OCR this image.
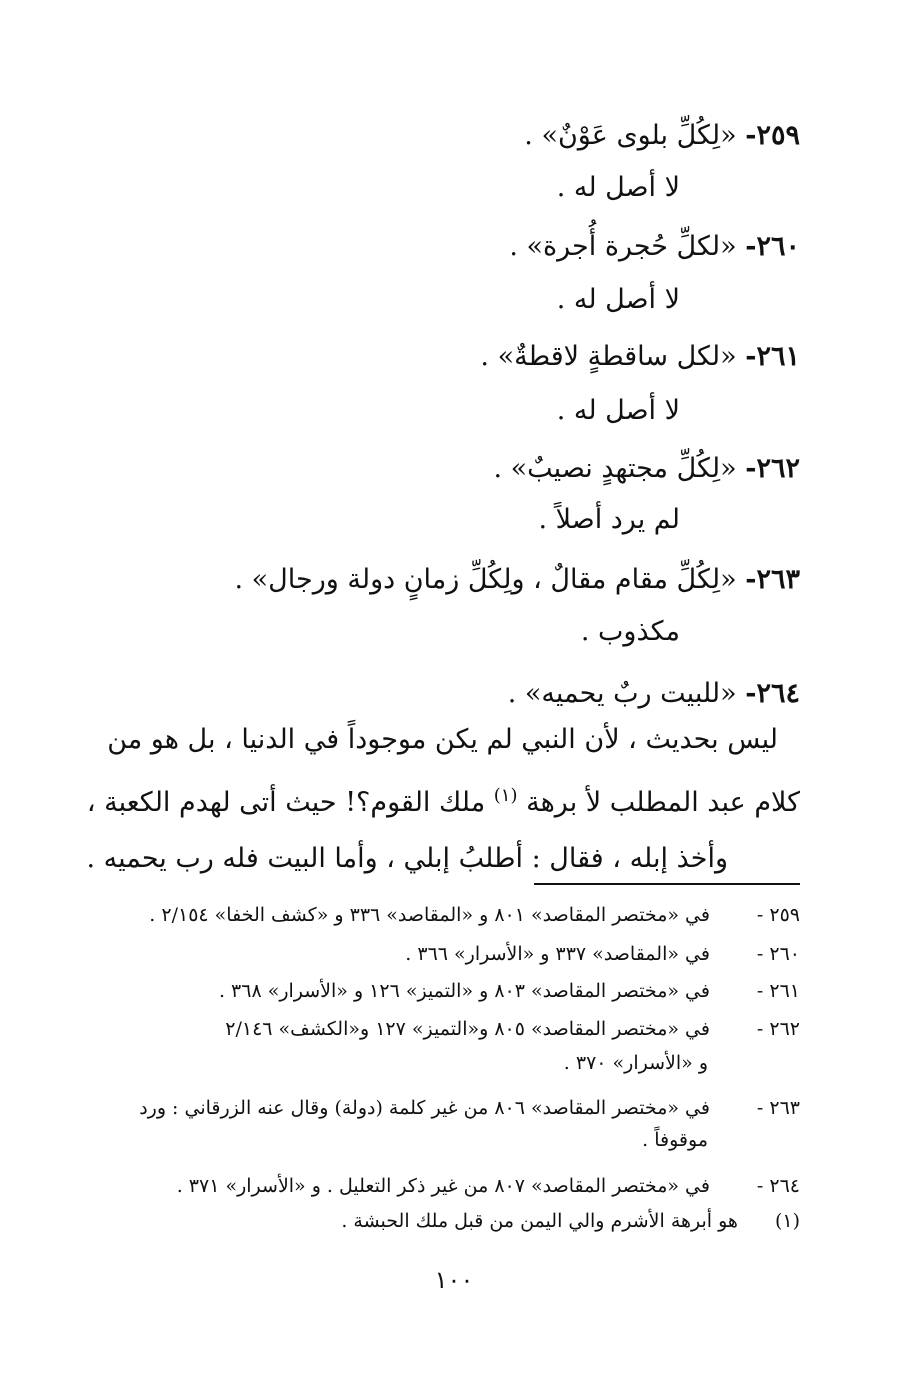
٢٥٩- «لِكُلِّ بلوى عَوْنٌ» .
لا أصل له .
٢٦٠- «لكلِّ حُجرة أُجرة» .
لا أصل له .
٢٦١- «لكل ساقطةٍ لاقطةٌ» .
لا أصل له .
٢٦٢- «لِكُلِّ مجتهدٍ نصيبٌ» .
لم يرد أصلاً .
٢٦٣- «لِكُلِّ مقام مقالٌ ، ولِكُلِّ زمانٍ دولة ورجال» .
مكذوب .
٢٦٤- «للبيت ربٌ يحميه» .
ليس بحديث ، لأن النبي لم يكن موجوداً في الدنيا ، بل هو من
كلام عبد المطلب لأ برهة $^{(١)}$ ملك القوم؟! حيث أتى لهدم الكعبة ،
وأخذ إبله ، فقال : أطلبُ إبلي ، وأما البيت فله رب يحميه .
٢٥٩ - في «مختصر المقاصد» ٨٠١ و «المقاصد» ٣٣٦ و «كشف الخفا» ٢/١٥٤ .
٢٦٠ - في «المقاصد» ٣٣٧ و «الأسرار» ٣٦٦ .
٢٦١ - في «مختصر المقاصد» ٨٠٣ و «التميز» ١٢٦ و «الأسرار» ٣٦٨ .
٢٦٢ - في «مختصر المقاصد» ٨٠٥ و«التميز» ١٢٧ و«الكشف» ٢/١٤٦
و «الأسرار» ٣٧٠ .
٢٦٣ - في «مختصر المقاصد» ٨٠٦ من غير كلمة (دولة) وقال عنه الزرقاني : ورد
موقوفاً .
٢٦٤ - في «مختصر المقاصد» ٨٠٧ من غير ذكر التعليل . و «الأسرار» ٣٧١ .
(١) هو أبرهة الأشرم والي اليمن من قبل ملك الحبشة .
١٠٠
